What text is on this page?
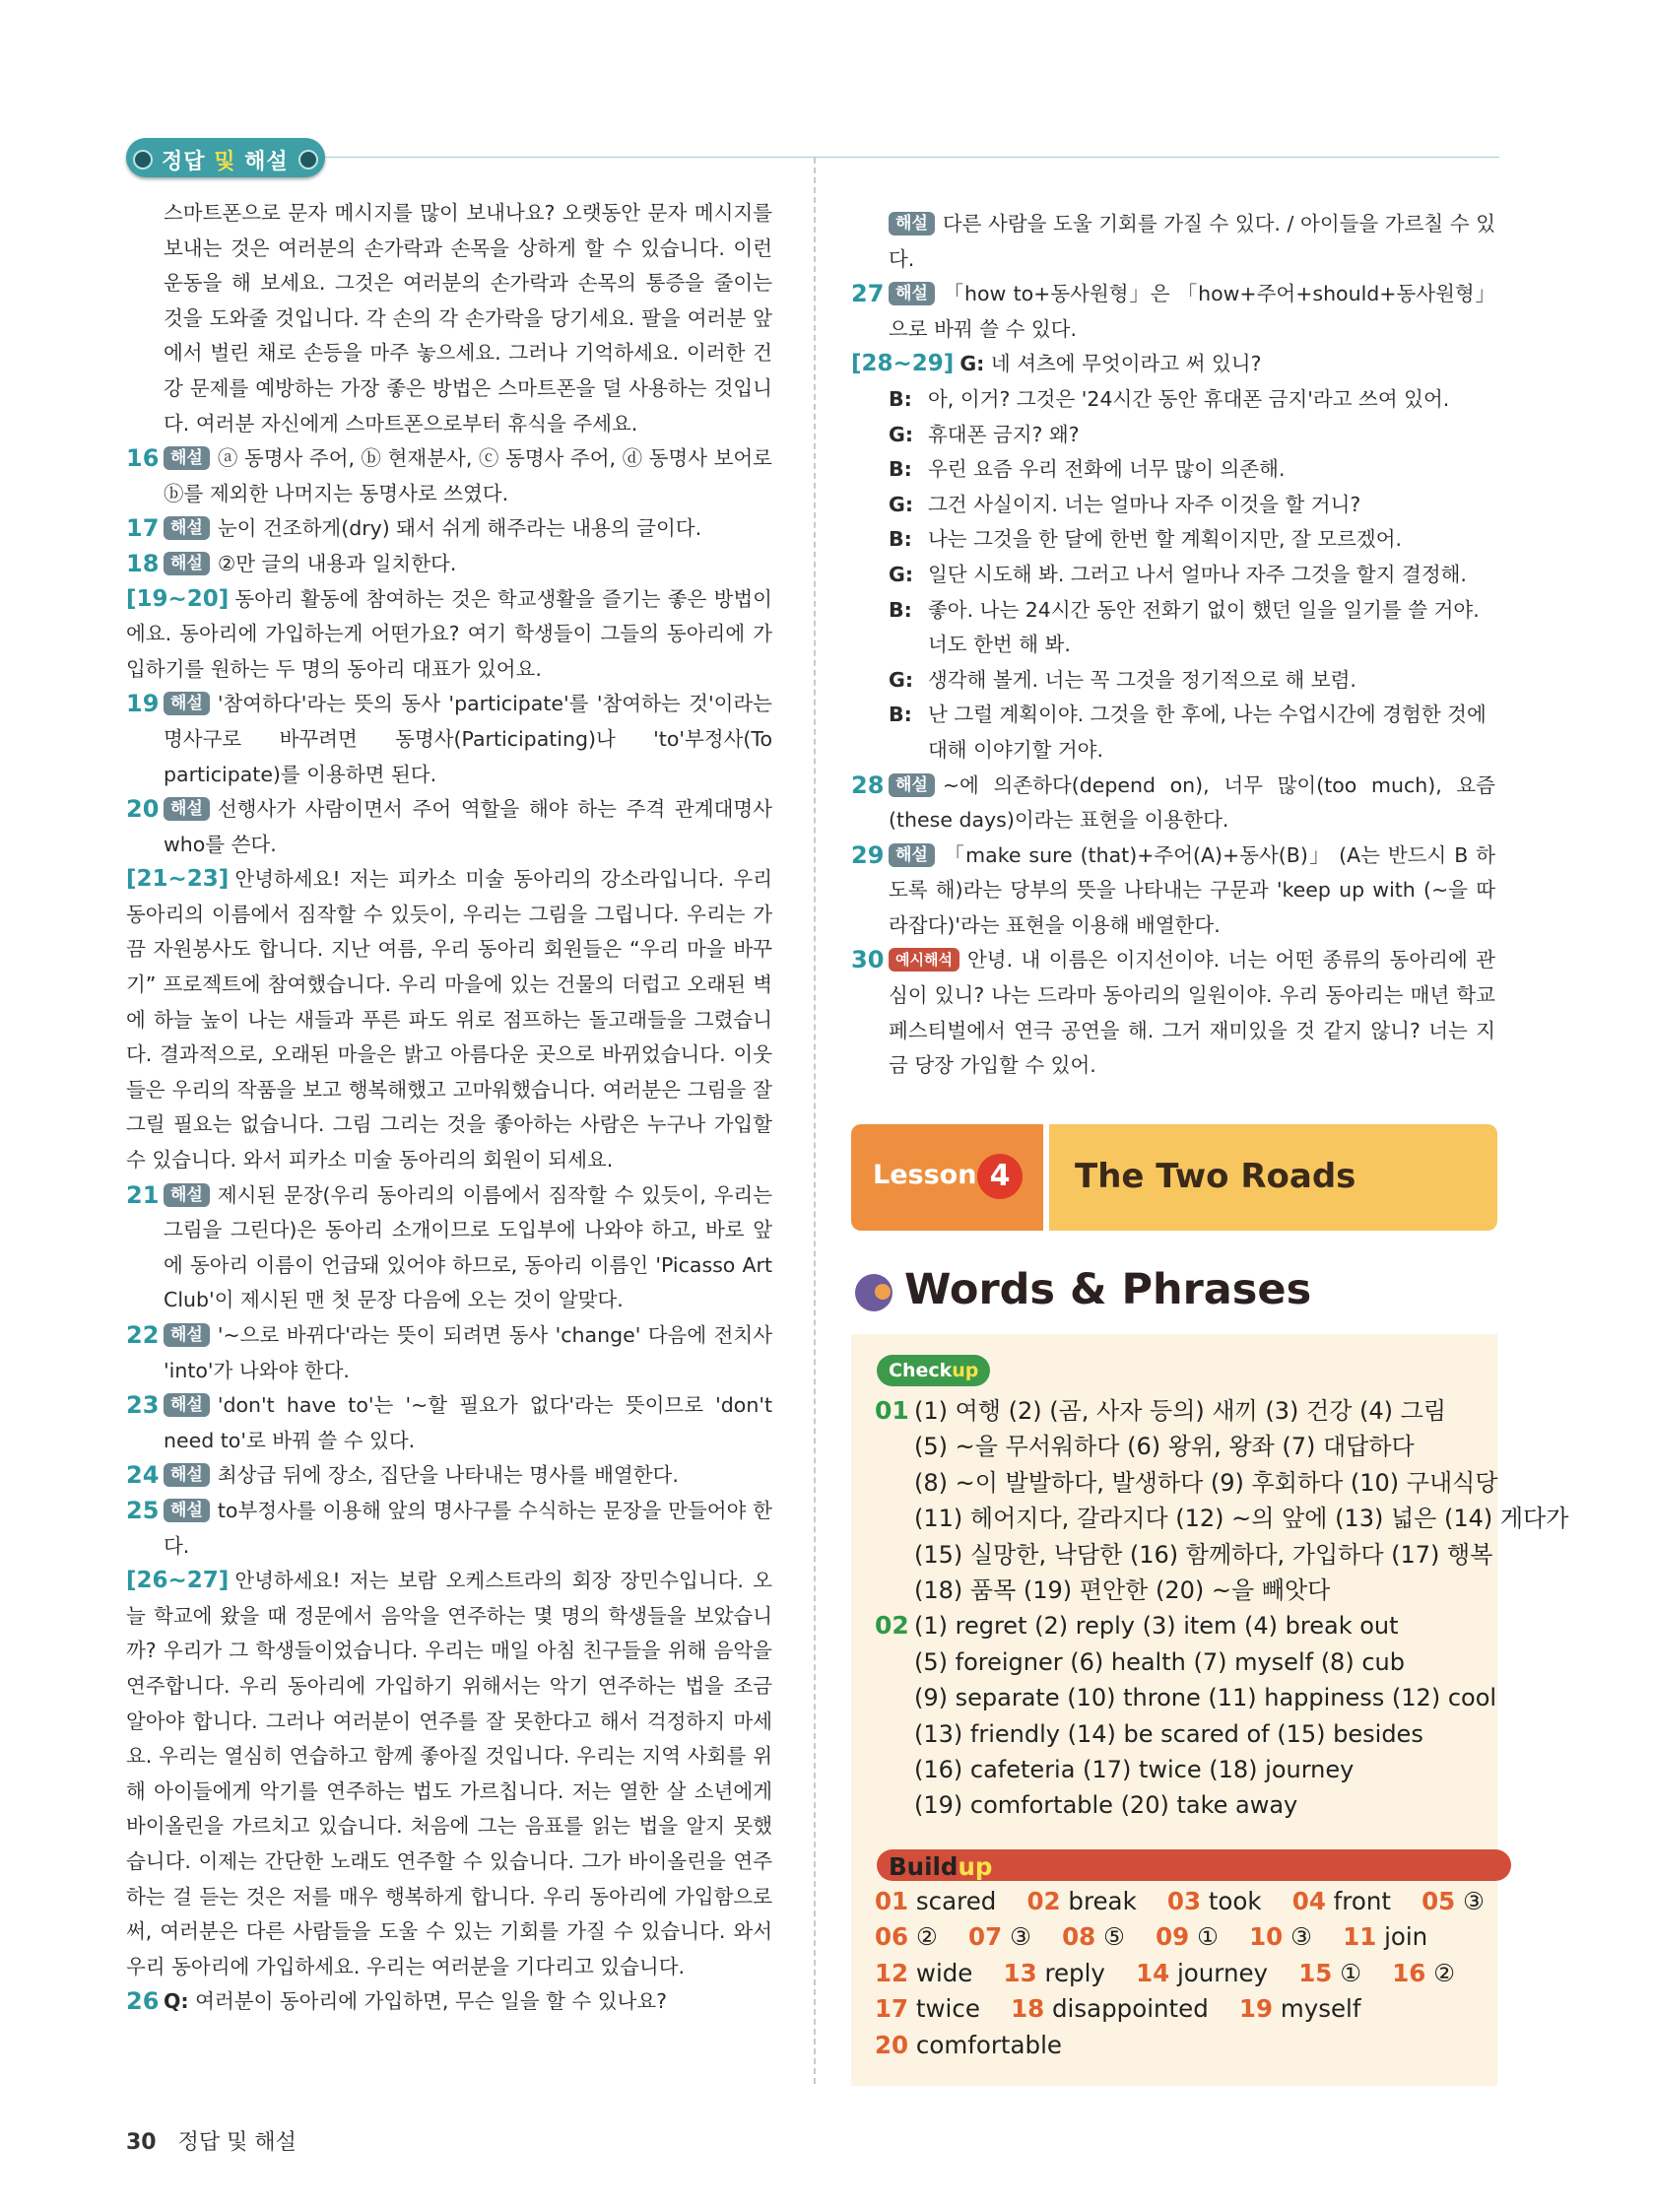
정답 및 해설

스마트폰으로 문자 메시지를 많이 보내나요? 오랫동안 문자 메시지를 보내는 것은 여러분의 손가락과 손목을 상하게 할 수 있습니다. 이런 운동을 해 보세요. 그것은 여러분의 손가락과 손목의 통증을 줄이는 것을 도와줄 것입니다. 각 손의 각 손가락을 당기세요. 팔을 여러분 앞에서 벌린 채로 손등을 마주 놓으세요. 그러나 기억하세요. 이러한 건강 문제를 예방하는 가장 좋은 방법은 스마트폰을 덜 사용하는 것입니다. 여러분 자신에게 스마트폰으로부터 휴식을 주세요.

16 해설 ⓐ 동명사 주어, ⓑ 현재분사, ⓒ 동명사 주어, ⓓ 동명사 보어로 ⓑ를 제외한 나머지는 동명사로 쓰였다.

17 해설 눈이 건조하게(dry) 돼서 쉬게 해주라는 내용의 글이다.

18 해설 ②만 글의 내용과 일치한다.

[19~20] 동아리 활동에 참여하는 것은 학교생활을 즐기는 좋은 방법이에요. 동아리에 가입하는게 어떤가요? 여기 학생들이 그들의 동아리에 가입하기를 원하는 두 명의 동아리 대표가 있어요.

19 해설 '참여하다'라는 뜻의 동사 'participate'를 '참여하는 것'이라는 명사구로 바꾸려면 동명사(Participating)나 'to'부정사(To participate)를 이용하면 된다.

20 해설 선행사가 사람이면서 주어 역할을 해야 하는 주격 관계대명사 who를 쓴다.

[21~23] 안녕하세요! 저는 피카소 미술 동아리의 강소라입니다. 우리 동아리의 이름에서 짐작할 수 있듯이, 우리는 그림을 그립니다. 우리는 가끔 자원봉사도 합니다. 지난 여름, 우리 동아리 회원들은 “우리 마을 바꾸기” 프로젝트에 참여했습니다. 우리 마을에 있는 건물의 더럽고 오래된 벽에 하늘 높이 나는 새들과 푸른 파도 위로 점프하는 돌고래들을 그렸습니다. 결과적으로, 오래된 마을은 밝고 아름다운 곳으로 바뀌었습니다. 이웃들은 우리의 작품을 보고 행복해했고 고마워했습니다. 여러분은 그림을 잘 그릴 필요는 없습니다. 그림 그리는 것을 좋아하는 사람은 누구나 가입할 수 있습니다. 와서 피카소 미술 동아리의 회원이 되세요.

21 해설 제시된 문장(우리 동아리의 이름에서 짐작할 수 있듯이, 우리는 그림을 그린다)은 동아리 소개이므로 도입부에 나와야 하고, 바로 앞에 동아리 이름이 언급돼 있어야 하므로, 동아리 이름인 'Picasso Art Club'이 제시된 맨 첫 문장 다음에 오는 것이 알맞다.

22 해설 '~으로 바뀌다'라는 뜻이 되려면 동사 'change' 다음에 전치사 'into'가 나와야 한다.

23 해설 'don't have to'는 '~할 필요가 없다'라는 뜻이므로 'don't need to'로 바꿔 쓸 수 있다.

24 해설 최상급 뒤에 장소, 집단을 나타내는 명사를 배열한다.

25 해설 to부정사를 이용해 앞의 명사구를 수식하는 문장을 만들어야 한다.

[26~27] 안녕하세요! 저는 보람 오케스트라의 회장 장민수입니다. 오늘 학교에 왔을 때 정문에서 음악을 연주하는 몇 명의 학생들을 보았습니까? 우리가 그 학생들이었습니다. 우리는 매일 아침 친구들을 위해 음악을 연주합니다. 우리 동아리에 가입하기 위해서는 악기 연주하는 법을 조금 알아야 합니다. 그러나 여러분이 연주를 잘 못한다고 해서 걱정하지 마세요. 우리는 열심히 연습하고 함께 좋아질 것입니다. 우리는 지역 사회를 위해 아이들에게 악기를 연주하는 법도 가르칩니다. 저는 열한 살 소년에게 바이올린을 가르치고 있습니다. 처음에 그는 음표를 읽는 법을 알지 못했습니다. 이제는 간단한 노래도 연주할 수 있습니다. 그가 바이올린을 연주하는 걸 듣는 것은 저를 매우 행복하게 합니다. 우리 동아리에 가입함으로써, 여러분은 다른 사람들을 도울 수 있는 기회를 가질 수 있습니다. 와서 우리 동아리에 가입하세요. 우리는 여러분을 기다리고 있습니다.

26 Q: 여러분이 동아리에 가입하면, 무슨 일을 할 수 있나요?

해설 다른 사람을 도울 기회를 가질 수 있다. / 아이들을 가르칠 수 있다.

27 해설 「how to+동사원형」은 「how+주어+should+동사원형」으로 바꿔 쓸 수 있다.

[28~29] G: 네 셔츠에 무엇이라고 써 있니?

B: 아, 이거? 그것은 '24시간 동안 휴대폰 금지'라고 쓰여 있어.

G: 휴대폰 금지? 왜?

B: 우린 요즘 우리 전화에 너무 많이 의존해.

G: 그건 사실이지. 너는 얼마나 자주 이것을 할 거니?

B: 나는 그것을 한 달에 한번 할 계획이지만, 잘 모르겠어.

G: 일단 시도해 봐. 그러고 나서 얼마나 자주 그것을 할지 결정해.

B: 좋아. 나는 24시간 동안 전화기 없이 했던 일을 일기를 쓸 거야. 너도 한번 해 봐.

G: 생각해 볼게. 너는 꼭 그것을 정기적으로 해 보렴.

B: 난 그럴 계획이야. 그것을 한 후에, 나는 수업시간에 경험한 것에 대해 이야기할 거야.

28 해설 ~에 의존하다(depend on), 너무 많이(too much), 요즘(these days)이라는 표현을 이용한다.

29 해설 「make sure (that)+주어(A)+동사(B)」 (A는 반드시 B 하도록 해)라는 당부의 뜻을 나타내는 구문과 'keep up with (~을 따라잡다)'라는 표현을 이용해 배열한다.

30 예시해석 안녕. 내 이름은 이지선이야. 너는 어떤 종류의 동아리에 관심이 있니? 나는 드라마 동아리의 일원이야. 우리 동아리는 매년 학교 페스티벌에서 연극 공연을 해. 그거 재미있을 것 같지 않니? 너는 지금 당장 가입할 수 있어.

Lesson 4	The Two Roads
Words & Phrases
Checkup
01 (1) 여행 (2) (곰, 사자 등의) 새끼 (3) 건강 (4) 그림

(5) ~을 무서워하다 (6) 왕위, 왕좌 (7) 대답하다

(8) ~이 발발하다, 발생하다 (9) 후회하다 (10) 구내식당

(11) 헤어지다, 갈라지다 (12) ~의 앞에 (13) 넓은 (14) 게다가

(15) 실망한, 낙담한 (16) 함께하다, 가입하다 (17) 행복

(18) 품목 (19) 편안한 (20) ~을 빼앗다

02 (1) regret (2) reply (3) item (4) break out

(5) foreigner (6) health (7) myself (8) cub

(9) separate (10) throne (11) happiness (12) cool

(13) friendly (14) be scared of (15) besides

(16) cafeteria (17) twice (18) journey

(19) comfortable (20) take away

Buildup

01 scared 02 break 03 took 04 front 05 ③

06 ② 07 ③ 08 ⑤ 09 ① 10 ③ 11 join

12 wide 13 reply 14 journey 15 ① 16 ②

17 twice 18 disappointed 19 myself

20 comfortable

30 정답 및 해설
